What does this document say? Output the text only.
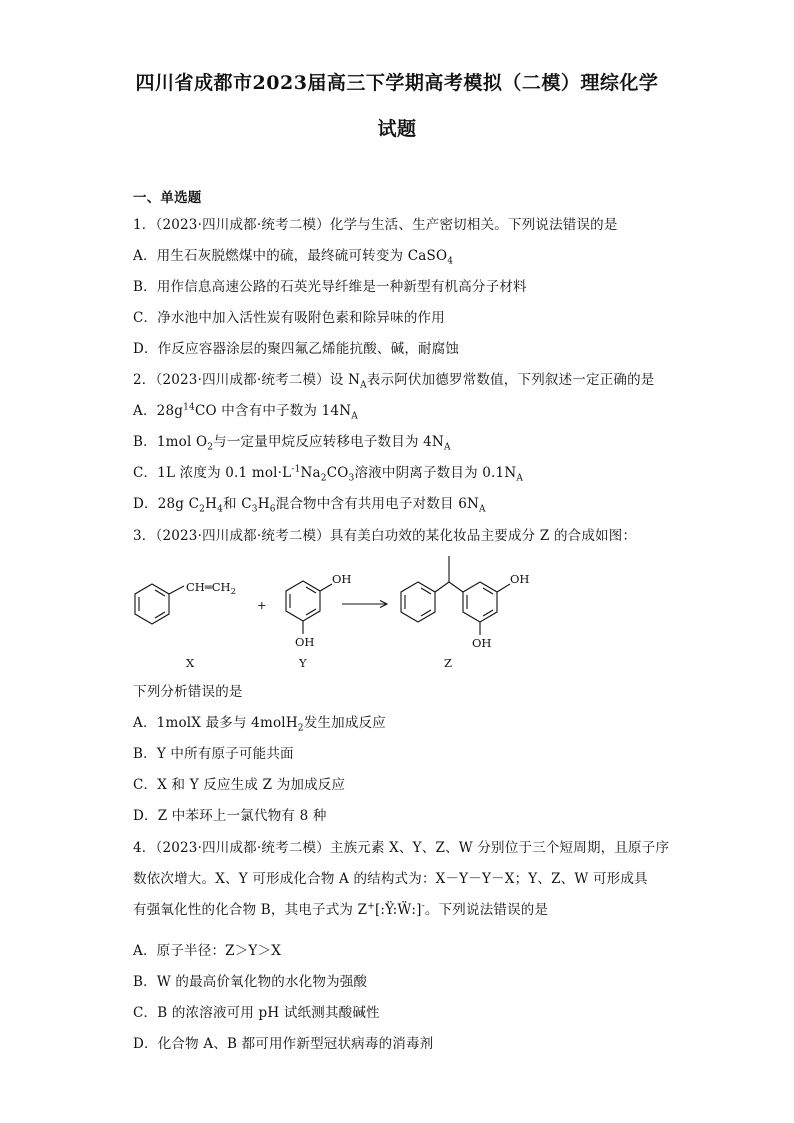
四川省成都市2023届高三下学期高考模拟（二模）理综化学
试题
一、单选题
1．（2023·四川成都·统考二模）化学与生活、生产密切相关。下列说法错误的是
A．用生石灰脱燃煤中的硫，最终硫可转变为 CaSO$_4$
B．用作信息高速公路的石英光导纤维是一种新型有机高分子材料
C．净水池中加入活性炭有吸附色素和除异味的作用
D．作反应容器涂层的聚四氟乙烯能抗酸、碱，耐腐蚀
2．（2023·四川成都·统考二模）设 $N_A$表示阿伏加德罗常数值，下列叙述一定正确的是
A．$28g^{14}CO$ 中含有中子数为 $14N_A$
B．1mol $O_2$与一定量甲烷反应转移电子数目为 $4N_A$
C．1L 浓度为 0.1 $mol\cdot L^{-1}Na_2CO_3$溶液中阴离子数目为 $0.1N_A$
D．28g $C_2H_4$和 $C_3H_6$混合物中含有共用电子对数目 $6N_A$
3．（2023·四川成都·统考二模）具有美白功效的某化妆品主要成分 Z 的合成如图：
$CH═CH_2$
+
OH
OH
OH
OH
X	Y	Z
下列分析错误的是
A．1molX 最多与 4molH$_2$发生加成反应
B．Y 中所有原子可能共面
C．X 和 Y 反应生成 Z 为加成反应
D．Z 中苯环上一氯代物有 8 种
4．（2023·四川成都·统考二模）主族元素 X、Y、Z、W 分别位于三个短周期，且原子序
数依次增大。X、Y 可形成化合物 A 的结构式为：X－Y－Y－X；Y、Z、W 可形成具
有强氧化性的化合物 B，其电子式为 Z+[:Ÿ:Ẅ:]-。下列说法错误的是
A．原子半径：Z＞Y＞X
B．W 的最高价氧化物的水化物为强酸
C．B 的浓溶液可用 pH 试纸测其酸碱性
D．化合物 A、B 都可用作新型冠状病毒的消毒剂
